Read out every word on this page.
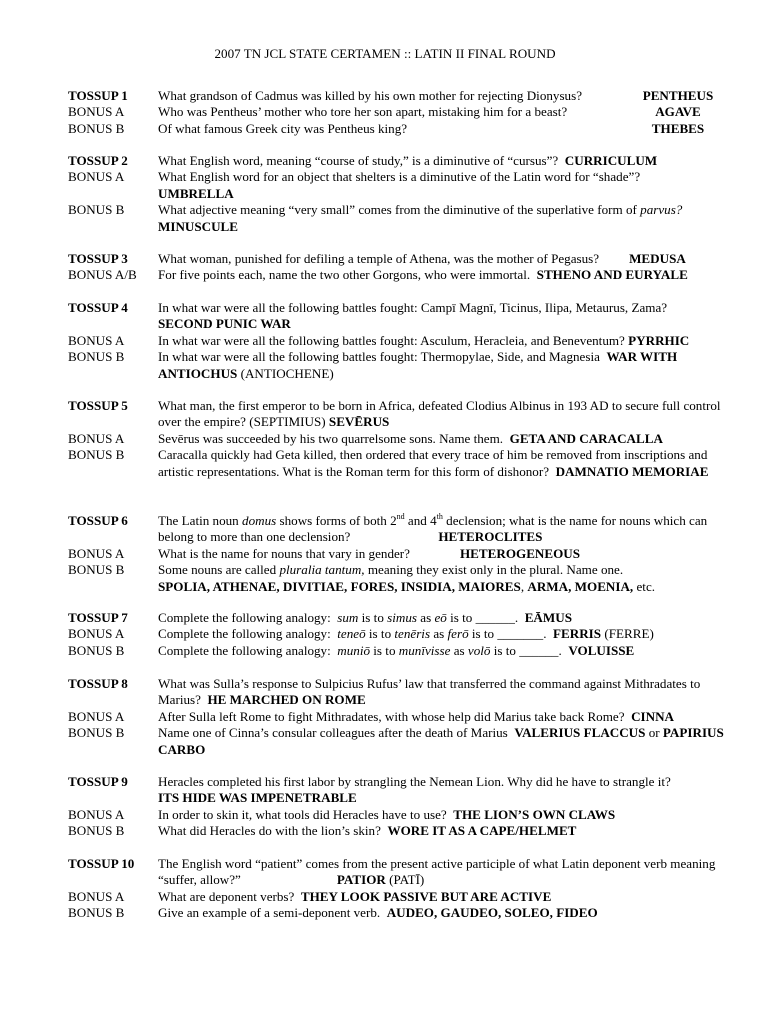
2007 TN JCL STATE CERTAMEN :: LATIN II FINAL ROUND
TOSSUP 1	What grandson of Cadmus was killed by his own mother for rejecting Dionysus?	PENTHEUS
BONUS A	Who was Pentheus’ mother who tore her son apart, mistaking him for a beast?	AGAVE
BONUS B	Of what famous Greek city was Pentheus king?	THEBES
TOSSUP 2	What English word, meaning “course of study,” is a diminutive of “cursus”? CURRICULUM
BONUS A	What English word for an object that shelters is a diminutive of the Latin word for “shade”?
UMBRELLA
BONUS B	What adjective meaning “very small” comes from the diminutive of the superlative form of parvus?
MINUSCULE
TOSSUP 3	What woman, punished for defiling a temple of Athena, was the mother of Pegasus? MEDUSA
BONUS A/B	For five points each, name the two other Gorgons, who were immortal. STHENO AND EURYALE
TOSSUP 4	In what war were all the following battles fought: Campī Magnī, Ticinus, Ilipa, Metaurus, Zama?
SECOND PUNIC WAR
BONUS A	In what war were all the following battles fought: Asculum, Heracleia, and Beneventum? PYRRHIC
BONUS B	In what war were all the following battles fought: Thermopylae, Side, and Magnesia WAR WITH ANTIOCHUS (ANTIOCHENE)
TOSSUP 5	What man, the first emperor to be born in Africa, defeated Clodius Albinus in 193 AD to secure full control over the empire? (SEPTIMIUS) SEVĒRUS
BONUS A	Sevērus was succeeded by his two quarrelsome sons. Name them. GETA AND CARACALLA
BONUS B	Caracalla quickly had Geta killed, then ordered that every trace of him be removed from inscriptions and artistic representations. What is the Roman term for this form of dishonor? DAMNATIO MEMORIAE
TOSSUP 6	The Latin noun domus shows forms of both 2nd and 4th declension; what is the name for nouns which can belong to more than one declension?	HETEROCLITES
BONUS A	What is the name for nouns that vary in gender?	HETEROGENEOUS
BONUS B	Some nouns are called pluralia tantum, meaning they exist only in the plural. Name one.
SPOLIA, ATHENAE, DIVITIAE, FORES, INSIDIA, MAIORES, ARMA, MOENIA, etc.
TOSSUP 7	Complete the following analogy: sum is to simus as eō is to ______. EĀMUS
BONUS A	Complete the following analogy: teneō is to tenēris as ferō is to _______. FERRIS (FERRE)
BONUS B	Complete the following analogy: muniō is to munīvisse as volō is to ______. VOLUISSE
TOSSUP 8	What was Sulla’s response to Sulpicius Rufus’ law that transferred the command against Mithradates to Marius? HE MARCHED ON ROME
BONUS A	After Sulla left Rome to fight Mithradates, with whose help did Marius take back Rome? CINNA
BONUS B	Name one of Cinna’s consular colleagues after the death of Marius VALERIUS FLACCUS or PAPIRIUS CARBO
TOSSUP 9	Heracles completed his first labor by strangling the Nemean Lion. Why did he have to strangle it?
ITS HIDE WAS IMPENETRABLE
BONUS A	In order to skin it, what tools did Heracles have to use? THE LION’S OWN CLAWS
BONUS B	What did Heracles do with the lion’s skin? WORE IT AS A CAPE/HELMET
TOSSUP 10	The English word “patient” comes from the present active participle of what Latin deponent verb meaning “suffer, allow?”	PATIOR (PATĪ)
BONUS A	What are deponent verbs? THEY LOOK PASSIVE BUT ARE ACTIVE
BONUS B	Give an example of a semi-deponent verb. AUDEO, GAUDEO, SOLEO, FIDEO
